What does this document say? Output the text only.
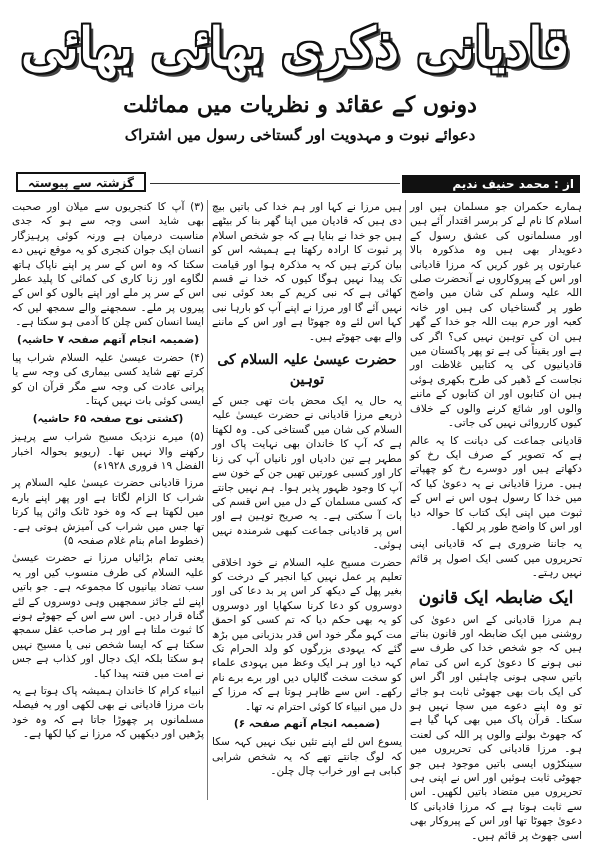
قادیانی ذکری بھائی بھائی
دونوں کے عقائد و نظریات میں مماثلت
دعوائے نبوت و مہدویت اور گستاخی رسول میں اشتراک
از : محمد حنیف ندیم
گزشتہ سے پیوستہ

ہمارے حکمران جو مسلمان ہیں اور اسلام کا نام لے کر برسر اقتدار آئے ہیں اور مسلمانوں کی عشق رسول کے دعویدار بھی ہیں وہ مذکورہ بالا عبارتوں پر غور کریں کہ مرزا قادیانی اور اس کے پیروکاروں نے آنحضرت صلی اللہ علیہ وسلم کی شان میں واضح طور پر گستاخیاں کی ہیں اور خانہ کعبہ اور حرم بیت اللہ جو خدا کے گھر ہیں ان کی توہین نہیں کی؟ اگر کی ہے اور یقیناً کی ہے تو پھر پاکستان میں قادیانیوں کی یہ کتابیں غلاظت اور نجاست کے ڈھیر کی طرح بکھری ہوئی ہیں ان کتابوں اور ان کتابوں کے ماننے والوں اور شائع کرنے والوں کے خلاف کیوں کارروائی نہیں کی جاتی۔

قادیانی جماعت کی دیانت کا یہ عالم ہے کہ تصویر کے صرف ایک رخ کو دکھاتے ہیں اور دوسرے رخ کو چھپاتے ہیں۔ مرزا قادیانی نے یہ دعویٰ کیا کہ میں خدا کا رسول ہوں اس نے اس کے ثبوت میں اپنی ایک کتاب کا حوالہ دیا اور اس کا واضح طور پر لکھا۔

یہ جاننا ضروری ہے کہ قادیانی اپنی تحریروں میں کسی ایک اصول پر قائم نہیں رہتے۔

ایک ضابطہ ایک قانون

ہم مرزا قادیانی کے اس دعویٰ کی روشنی میں ایک ضابطہ اور قانون بناتے ہیں کہ جو شخص خدا کی طرف سے نبی ہونے کا دعویٰ کرے اس کی تمام باتیں سچی ہونی چاہئیں اور اگر اس کی ایک بات بھی جھوٹی ثابت ہو جائے تو وہ اپنے دعوے میں سچا نہیں ہو سکتا۔ قرآن پاک میں بھی کہا گیا ہے کہ جھوٹ بولنے والوں پر اللہ کی لعنت ہو۔ مرزا قادیانی کی تحریروں میں سینکڑوں ایسی باتیں موجود ہیں جو جھوٹی ثابت ہوئیں اور اس نے اپنی ہی تحریروں میں متضاد باتیں لکھیں۔ اس سے ثابت ہوتا ہے کہ مرزا قادیانی کا دعویٰ جھوٹا تھا اور اس کے پیروکار بھی اسی جھوٹ پر قائم ہیں۔

ہیں مرزا نے کہا اور ہم خدا کی باتیں بیچ دی ہیں کہ قادیان میں اپنا گھر بنا کر بیٹھے ہیں جو خدا نے بنایا ہے کہ جو شخص اسلام پر ثبوت کا ارادہ رکھتا ہے ہمیشہ اس کو بیان کرتے ہیں کہ یہ مذکرہ ہوا اور قیامت تک پیدا نہیں ہوگا کیوں کہ خدا نے قسم کھائی ہے کہ نبی کریم کے بعد کوئی نبی نہیں آئے گا اور مرزا نے اپنے آپ کو بارہا نبی کہا اس لئے وہ جھوٹا ہے اور اس کے ماننے والے بھی جھوٹے ہیں۔

حضرت عیسیٰ علیہ السلام کی توہین

یہ حال یہ ایک محض بات تھی جس کے ذریعے مرزا قادیانی نے حضرت عیسیٰ علیہ السلام کی شان میں گستاخی کی۔ وہ لکھتا ہے کہ آپ کا خاندان بھی نہایت پاک اور مطہر ہے تین دادیاں اور نانیاں آپ کی زنا کار اور کسبی عورتیں تھیں جن کے خون سے آپ کا وجود ظہور پذیر ہوا۔ ہم نہیں جانتے کہ کسی مسلمان کے دل میں اس قسم کی بات آ سکتی ہے۔ یہ صریح توہین ہے اور اس پر قادیانی جماعت کبھی شرمندہ نہیں ہوئی۔

حضرت مسیح علیہ السلام نے خود اخلاقی تعلیم پر عمل نہیں کیا انجیر کے درخت کو بغیر پھل کے دیکھ کر اس پر بد دعا کی اور دوسروں کو دعا کرنا سکھایا اور دوسروں کو یہ بھی حکم دیا کہ تم کسی کو احمق مت کہو مگر خود اس قدر بدزبانی میں بڑھ گئے کہ یہودی بزرگوں کو ولد الحرام تک کہہ دیا اور ہر ایک وعظ میں یہودی علماء کو سخت سخت گالیاں دیں اور برے برے نام رکھے۔ اس سے ظاہر ہوتا ہے کہ مرزا کے دل میں انبیاء کا کوئی احترام نہ تھا۔

(ضمیمہ انجام آتھم صفحہ ۶)

یسوع اس لئے اپنے تئیں نیک نہیں کہہ سکا کہ لوگ جانتے تھے کہ یہ شخص شرابی کبابی ہے اور خراب چال چلن۔

(۳) آپ کا کنجریوں سے میلان اور صحبت بھی شاید اسی وجہ سے ہو کہ جدی مناسبت درمیان ہے ورنہ کوئی پرہیزگار انسان ایک جوان کنجری کو یہ موقع نہیں دے سکتا کہ وہ اس کے سر پر اپنے ناپاک ہاتھ لگاوے اور زنا کاری کی کمائی کا پلید عطر اس کے سر پر ملے اور اپنے بالوں کو اس کے پیروں پر ملے۔ سمجھنے والے سمجھ لیں کہ ایسا انسان کس چلن کا آدمی ہو سکتا ہے۔

(ضمیمہ انجام آتھم صفحہ ۷ حاشیہ)

(۴) حضرت عیسیٰ علیہ السلام شراب پیا کرتے تھے شاید کسی بیماری کی وجہ سے یا پرانی عادت کی وجہ سے مگر قرآن ان کو ایسی کوئی بات نہیں کہتا۔

(کشتی نوح صفحہ ۶۵ حاشیہ)

(۵) میرے نزدیک مسیح شراب سے پرہیز رکھنے والا نہیں تھا۔ (ریویو بحوالہ اخبار الفضل ۱۹ فروری ۱۹۲۸ء)

مرزا قادیانی حضرت عیسیٰ علیہ السلام پر شراب کا الزام لگاتا ہے اور پھر اپنے بارے میں لکھتا ہے کہ وہ خود ٹانک وائن پیا کرتا تھا جس میں شراب کی آمیزش ہوتی ہے۔ (خطوط امام بنام غلام صفحہ ۵)

یعنی تمام بڑائیاں مرزا نے حضرت عیسیٰ علیہ السلام کی طرف منسوب کیں اور یہ سب تضاد بیانیوں کا مجموعہ ہے۔ جو باتیں اپنے لئے جائز سمجھیں وہی دوسروں کے لئے گناہ قرار دیں۔ اس سے اس کے جھوٹے ہونے کا ثبوت ملتا ہے اور ہر صاحب عقل سمجھ سکتا ہے کہ ایسا شخص نبی یا مسیح نہیں ہو سکتا بلکہ ایک دجال اور کذاب ہے جس نے امت میں فتنہ پیدا کیا۔

انبیاء کرام کا خاندان ہمیشہ پاک ہوتا ہے یہ بات مرزا قادیانی نے بھی لکھی اور یہ فیصلہ مسلمانوں پر چھوڑا جاتا ہے کہ وہ خود پڑھیں اور دیکھیں کہ مرزا نے کیا لکھا ہے۔
